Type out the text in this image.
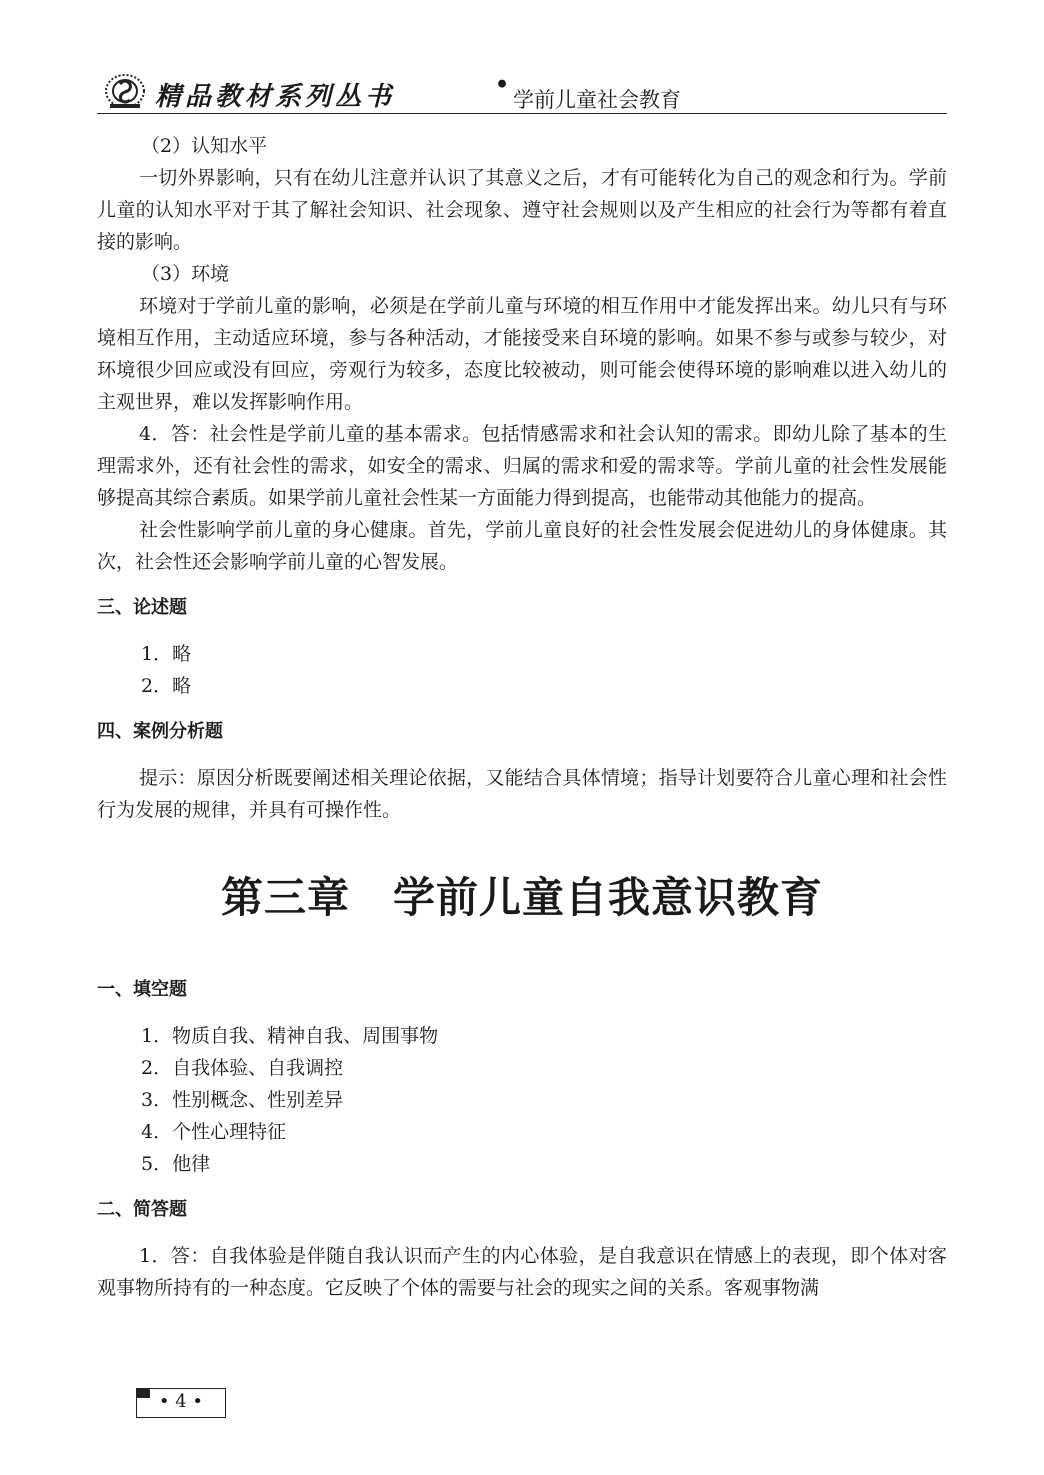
精品教材系列丛书	•
学前儿童社会教育

（2）认知水平

一切外界影响，只有在幼儿注意并认识了其意义之后，才有可能转化为自己的观念和行为。学前儿童的认知水平对于其了解社会知识、社会现象、遵守社会规则以及产生相应的社会行为等都有着直接的影响。

（3）环境

环境对于学前儿童的影响，必须是在学前儿童与环境的相互作用中才能发挥出来。幼儿只有与环境相互作用，主动适应环境，参与各种活动，才能接受来自环境的影响。如果不参与或参与较少，对环境很少回应或没有回应，旁观行为较多，态度比较被动，则可能会使得环境的影响难以进入幼儿的主观世界，难以发挥影响作用。

4．答：社会性是学前儿童的基本需求。包括情感需求和社会认知的需求。即幼儿除了基本的生理需求外，还有社会性的需求，如安全的需求、归属的需求和爱的需求等。学前儿童的社会性发展能够提高其综合素质。如果学前儿童社会性某一方面能力得到提高，也能带动其他能力的提高。

社会性影响学前儿童的身心健康。首先，学前儿童良好的社会性发展会促进幼儿的身体健康。其次，社会性还会影响学前儿童的心智发展。

三、论述题

1．略

2．略

四、案例分析题

提示：原因分析既要阐述相关理论依据，又能结合具体情境；指导计划要符合儿童心理和社会性行为发展的规律，并具有可操作性。

第三章　学前儿童自我意识教育

一、填空题

1．物质自我、精神自我、周围事物

2．自我体验、自我调控

3．性别概念、性别差异

4．个性心理特征

5．他律

二、简答题

1．答：自我体验是伴随自我认识而产生的内心体验，是自我意识在情感上的表现，即个体对客观事物所持有的一种态度。它反映了个体的需要与社会的现实之间的关系。客观事物满

• 4 •
